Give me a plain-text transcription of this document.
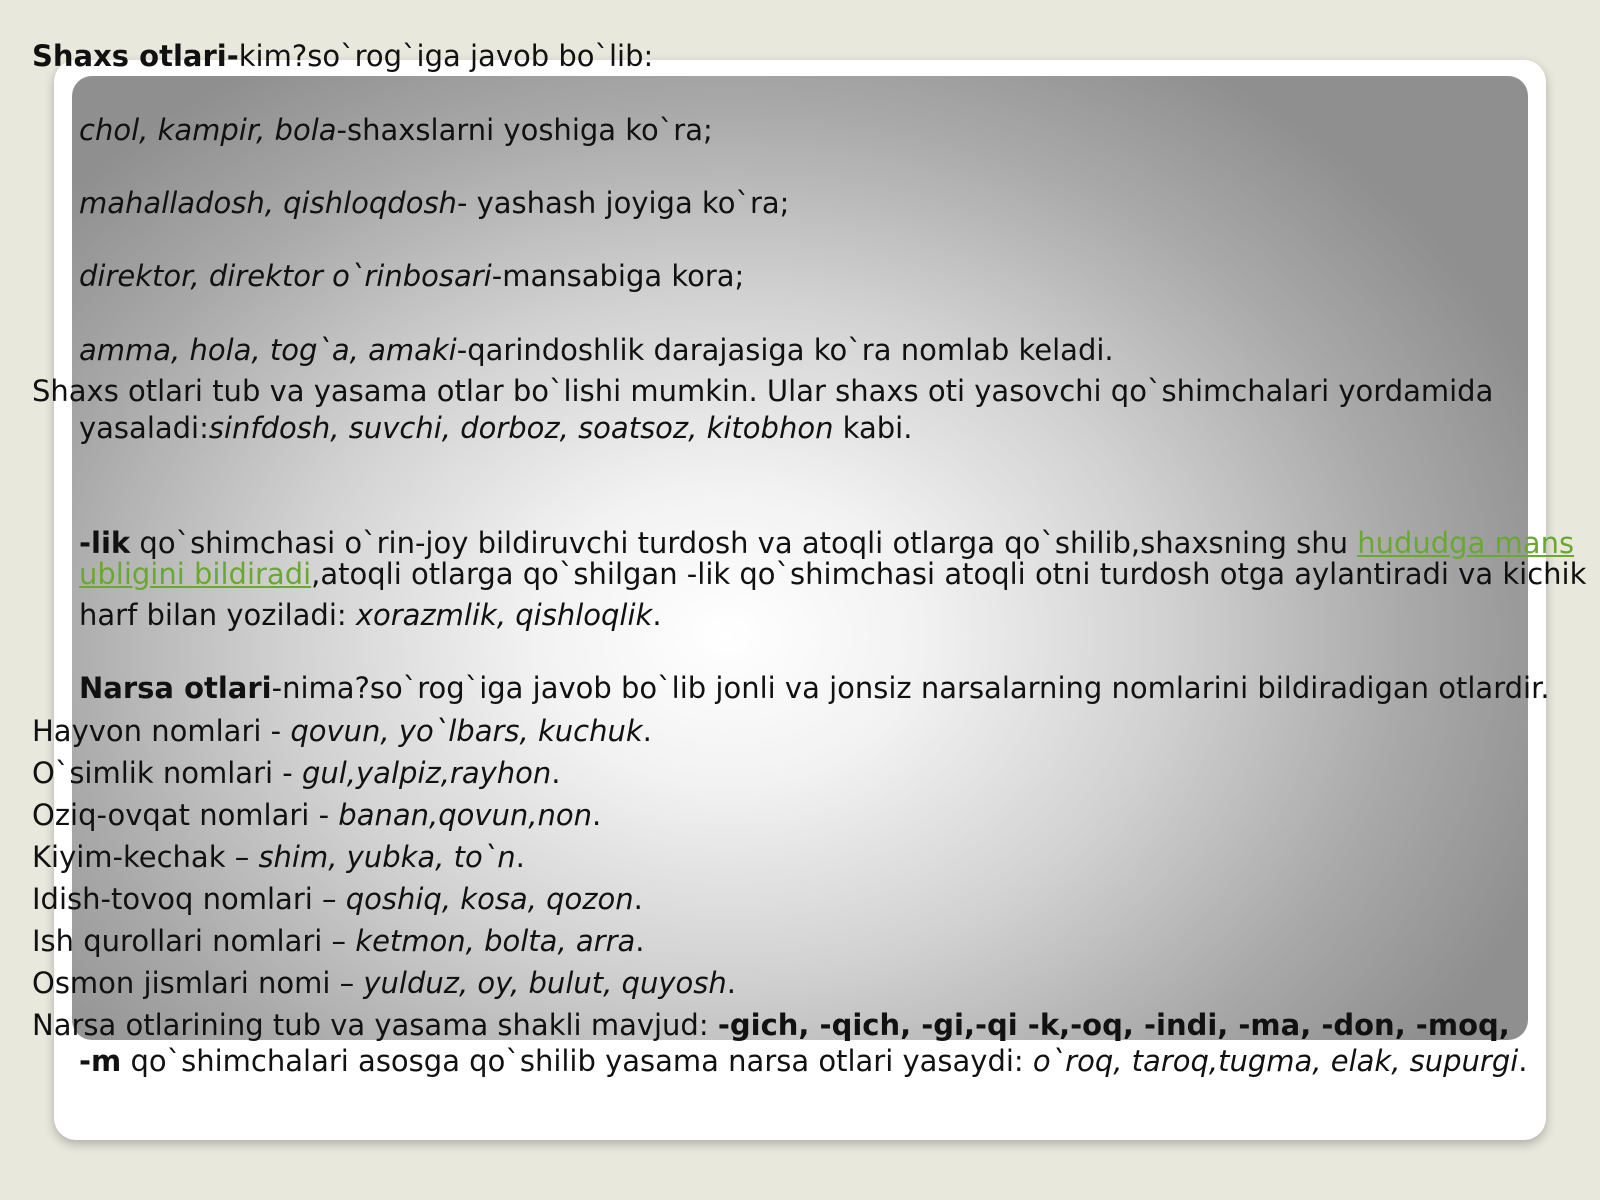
Shaxs otlari-kim?so`rog`iga javob bo`lib:
chol, kampir, bola-shaxslarni yoshiga ko`ra;
mahalladosh, qishloqdosh- yashash joyiga ko`ra;
direktor, direktor o`rinbosari-mansabiga kora;
amma, hola, tog`a, amaki-qarindoshlik darajasiga ko`ra nomlab keladi.
Shaxs otlari tub va yasama otlar bo`lishi mumkin. Ular shaxs oti yasovchi qo`shimchalari yordamida
yasaladi:sinfdosh, suvchi, dorboz, soatsoz, kitobhon kabi.
-lik qo`shimchasi o`rin-joy bildiruvchi turdosh va atoqli otlarga qo`shilib,shaxsning shu hududga mans
ubligini bildiradi,atoqli otlarga qo`shilgan -lik qo`shimchasi atoqli otni turdosh otga aylantiradi va kichik
harf bilan yoziladi: xorazmlik, qishloqlik.
Narsa otlari-nima?so`rog`iga javob bo`lib jonli va jonsiz narsalarning nomlarini bildiradigan otlardir.
Hayvon nomlari - qovun, yo`lbars, kuchuk.
O`simlik nomlari - gul,yalpiz,rayhon.
Oziq-ovqat nomlari - banan,qovun,non.
Kiyim-kechak – shim, yubka, to`n.
Idish-tovoq nomlari – qoshiq, kosa, qozon.
Ish qurollari nomlari – ketmon, bolta, arra.
Osmon jismlari nomi – yulduz, oy, bulut, quyosh.
Narsa otlarining tub va yasama shakli mavjud: -gich, -qich, -gi,-qi -k,-oq, -indi, -ma, -don, -moq,
-m qo`shimchalari asosga qo`shilib yasama narsa otlari yasaydi: o`roq, taroq,tugma, elak, supurgi.
